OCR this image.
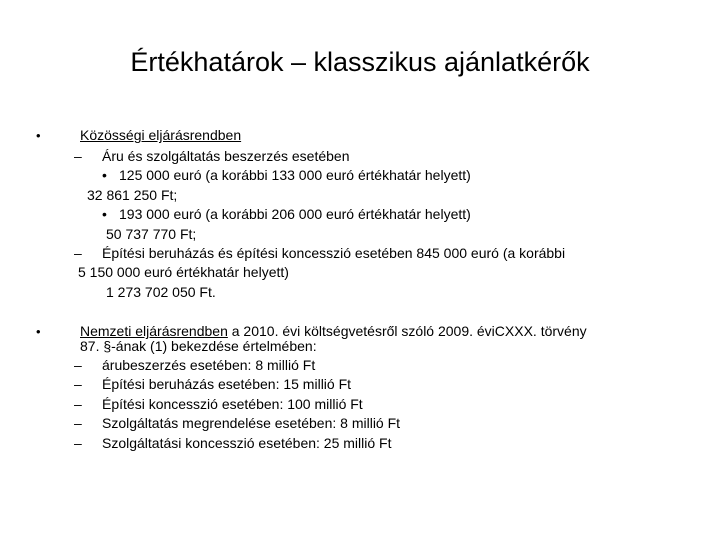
Értékhatárok – klasszikus ajánlatkérők
•	Közösségi eljárásrendben
– Áru és szolgáltatás beszerzés esetében
• 125 000 euró (a korábbi 133 000 euró értékhatár helyett)
32 861 250 Ft;
• 193 000 euró (a korábbi 206 000 euró értékhatár helyett)
50 737 770 Ft;
– Építési beruházás és építési koncesszió esetében 845 000 euró (a korábbi
5 150 000 euró értékhatár helyett)
1 273 702 050 Ft.
•	Nemzeti eljárásrendben a 2010. évi költségvetésről szóló 2009. éviCXXX. törvény
87. §-ának (1) bekezdése értelmében:
– árubeszerzés esetében: 8 millió Ft
– Építési beruházás esetében: 15 millió Ft
– Építési koncesszió esetében: 100 millió Ft
– Szolgáltatás megrendelése esetében: 8 millió Ft
– Szolgáltatási koncesszió esetében: 25 millió Ft
